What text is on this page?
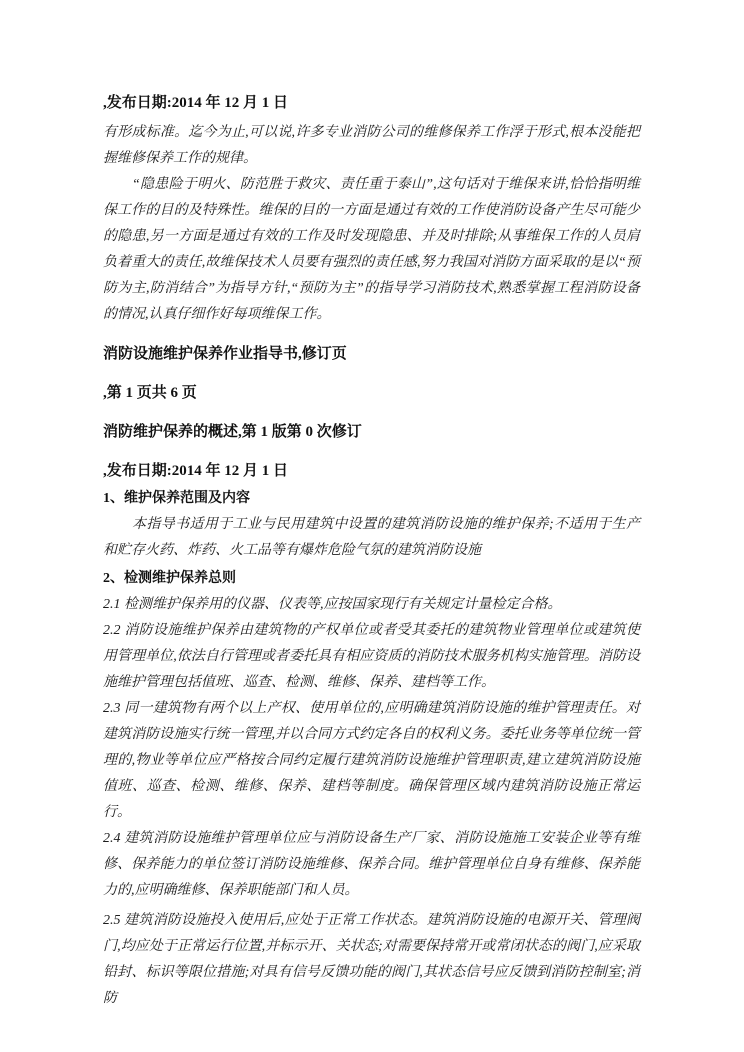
,发布日期:2014 年 12 月 1 日

有形成标准。迄今为止,可以说,许多专业消防公司的维修保养工作浮于形式,根本没能把握维修保养工作的规律。

“隐患险于明火、防范胜于救灾、责任重于泰山”,这句话对于维保来讲,恰恰指明维保工作的目的及特殊性。维保的目的一方面是通过有效的工作使消防设备产生尽可能少的隐患,另一方面是通过有效的工作及时发现隐患、并及时排除;从事维保工作的人员肩负着重大的责任,故维保技术人员要有强烈的责任感,努力我国对消防方面采取的是以“预防为主,防消结合”为指导方针,“预防为主”的指导学习消防技术,熟悉掌握工程消防设备的情况,认真仔细作好每项维保工作。

消防设施维护保养作业指导书,修订页
,第 1 页共 6 页
消防维护保养的概述,第 1 版第 0 次修订
,发布日期:2014 年 12 月 1 日
1、维护保养范围及内容

本指导书适用于工业与民用建筑中设置的建筑消防设施的维护保养;不适用于生产和贮存火药、炸药、火工品等有爆炸危险气氛的建筑消防设施

2、检测维护保养总则

2.1 检测维护保养用的仪器、仪表等,应按国家现行有关规定计量检定合格。

2.2 消防设施维护保养由建筑物的产权单位或者受其委托的建筑物业管理单位或建筑使用管理单位,依法自行管理或者委托具有相应资质的消防技术服务机构实施管理。消防设施维护管理包括值班、巡查、检测、维修、保养、建档等工作。

2.3 同一建筑物有两个以上产权、使用单位的,应明确建筑消防设施的维护管理责任。对建筑消防设施实行统一管理,并以合同方式约定各自的权利义务。委托业务等单位统一管理的,物业等单位应严格按合同约定履行建筑消防设施维护管理职责,建立建筑消防设施值班、巡查、检测、维修、保养、建档等制度。确保管理区域内建筑消防设施正常运行。

2.4 建筑消防设施维护管理单位应与消防设备生产厂家、消防设施施工安装企业等有维修、保养能力的单位签订消防设施维修、保养合同。维护管理单位自身有维修、保养能力的,应明确维修、保养职能部门和人员。

2.5 建筑消防设施投入使用后,应处于正常工作状态。建筑消防设施的电源开关、管理阀门,均应处于正常运行位置,并标示开、关状态;对需要保持常开或常闭状态的阀门,应采取铅封、标识等限位措施;对具有信号反馈功能的阀门,其状态信号应反馈到消防控制室;消防
